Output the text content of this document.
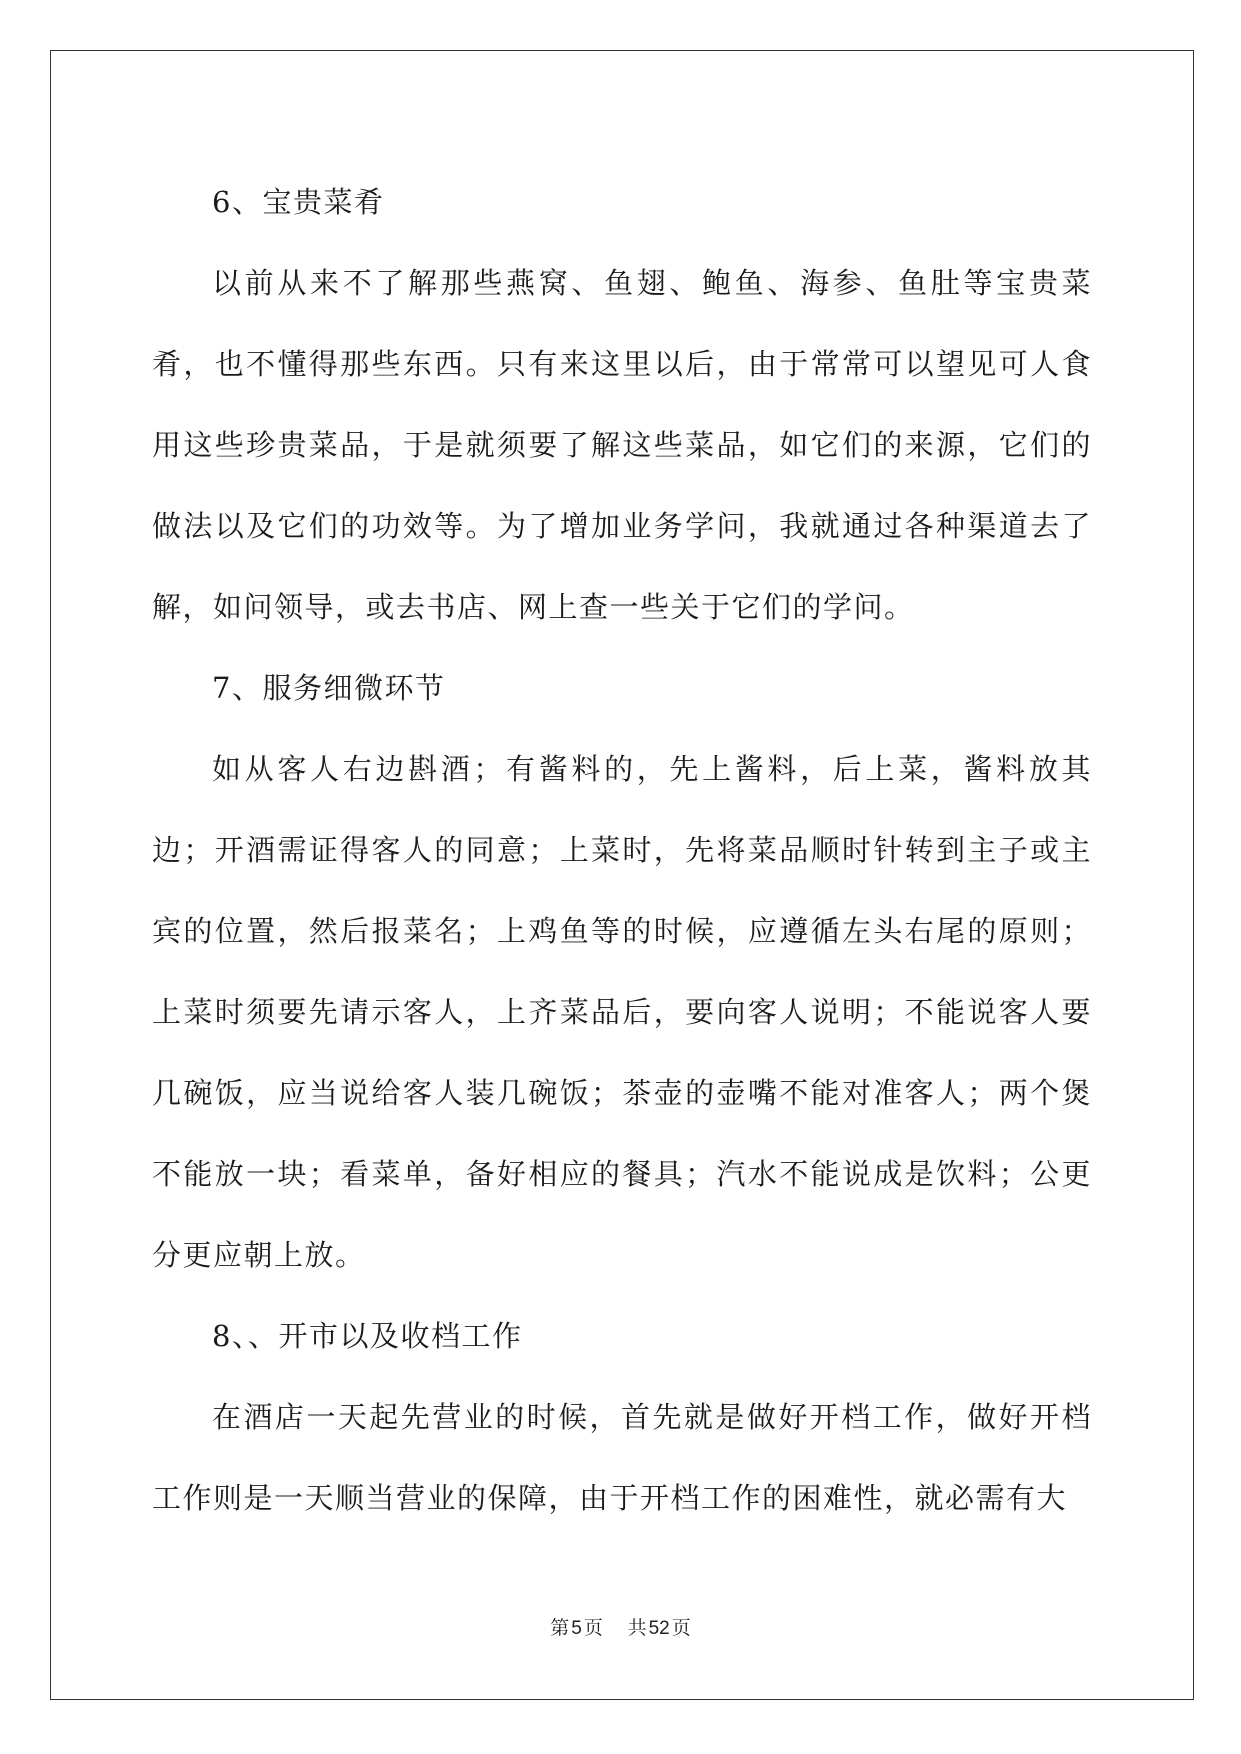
6、宝贵菜肴

以前从来不了解那些燕窝、鱼翅、鲍鱼、海参、鱼肚等宝贵菜肴，也不懂得那些东西。只有来这里以后，由于常常可以望见可人食用这些珍贵菜品，于是就须要了解这些菜品，如它们的来源，它们的做法以及它们的功效等。为了增加业务学问，我就通过各种渠道去了解，如问领导，或去书店、网上查一些关于它们的学问。

7、服务细微环节

如从客人右边斟酒；有酱料的，先上酱料，后上菜，酱料放其边；开酒需证得客人的同意；上菜时，先将菜品顺时针转到主子或主宾的位置，然后报菜名；上鸡鱼等的时候，应遵循左头右尾的原则；上菜时须要先请示客人，上齐菜品后，要向客人说明；不能说客人要几碗饭，应当说给客人装几碗饭；茶壶的壶嘴不能对准客人；两个煲不能放一块；看菜单，备好相应的餐具；汽水不能说成是饮料；公更分更应朝上放。

8、、开市以及收档工作

在酒店一天起先营业的时候，首先就是做好开档工作，做好开档工作则是一天顺当营业的保障，由于开档工作的困难性，就必需有大

第 5 页 共 52 页
